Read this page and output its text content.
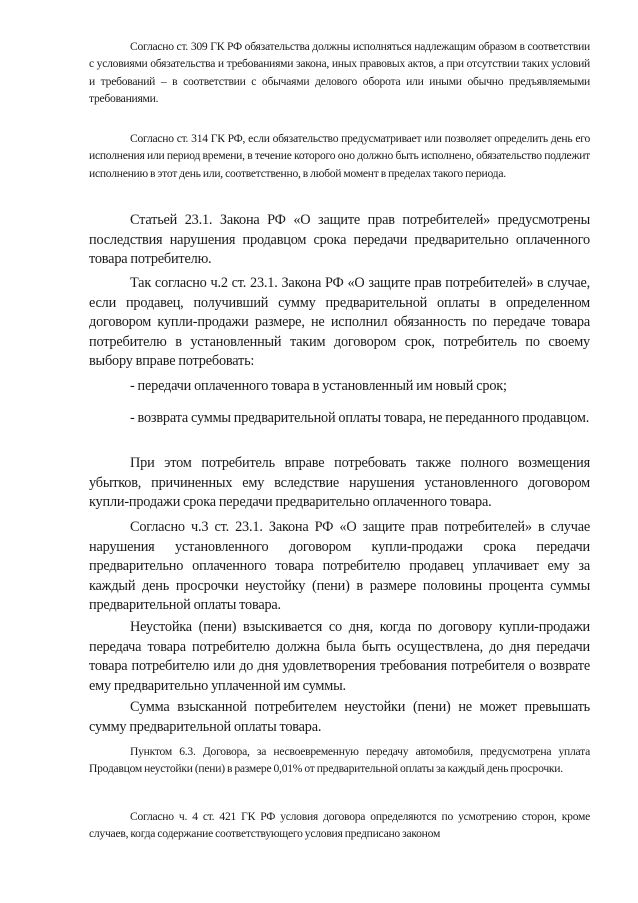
Согласно ст. 309 ГК РФ обязательства должны исполняться надлежащим образом в соответствии с условиями обязательства и требованиями закона, иных правовых актов, а при отсутствии таких условий и требований – в соответствии с обычаями делового оборота или иными обычно предъявляемыми требованиями.

Согласно ст. 314 ГК РФ, если обязательство предусматривает или позволяет определить день его исполнения или период времени, в течение которого оно должно быть исполнено, обязательство подлежит исполнению в этот день или, соответственно, в любой момент в пределах такого периода.

Статьей 23.1. Закона РФ «О защите прав потребителей» предусмотрены последствия нарушения продавцом срока передачи предварительно оплаченного товара потребителю.

Так согласно ч.2 ст. 23.1. Закона РФ «О защите прав потребителей» в случае, если продавец, получивший сумму предварительной оплаты в определенном договором купли-продажи размере, не исполнил обязанность по передаче товара потребителю в установленный таким договором срок, потребитель по своему выбору вправе потребовать:

- передачи оплаченного товара в установленный им новый срок;

- возврата суммы предварительной оплаты товара, не переданного продавцом.

При этом потребитель вправе потребовать также полного возмещения убытков, причиненных ему вследствие нарушения установленного договором купли-продажи срока передачи предварительно оплаченного товара.

Согласно ч.3 ст. 23.1. Закона РФ «О защите прав потребителей» в случае нарушения установленного договором купли-продажи срока передачи предварительно оплаченного товара потребителю продавец уплачивает ему за каждый день просрочки неустойку (пени) в размере половины процента суммы предварительной оплаты товара.

Неустойка (пени) взыскивается со дня, когда по договору купли-продажи передача товара потребителю должна была быть осуществлена, до дня передачи товара потребителю или до дня удовлетворения требования потребителя о возврате ему предварительно уплаченной им суммы.

Сумма взысканной потребителем неустойки (пени) не может превышать сумму предварительной оплаты товара.

Пунктом 6.3. Договора, за несвоевременную передачу автомобиля, предусмотрена уплата Продавцом неустойки (пени) в размере 0,01% от предварительной оплаты за каждый день просрочки.

Согласно ч. 4 ст. 421 ГК РФ условия договора определяются по усмотрению сторон, кроме случаев, когда содержание соответствующего условия предписано законом
